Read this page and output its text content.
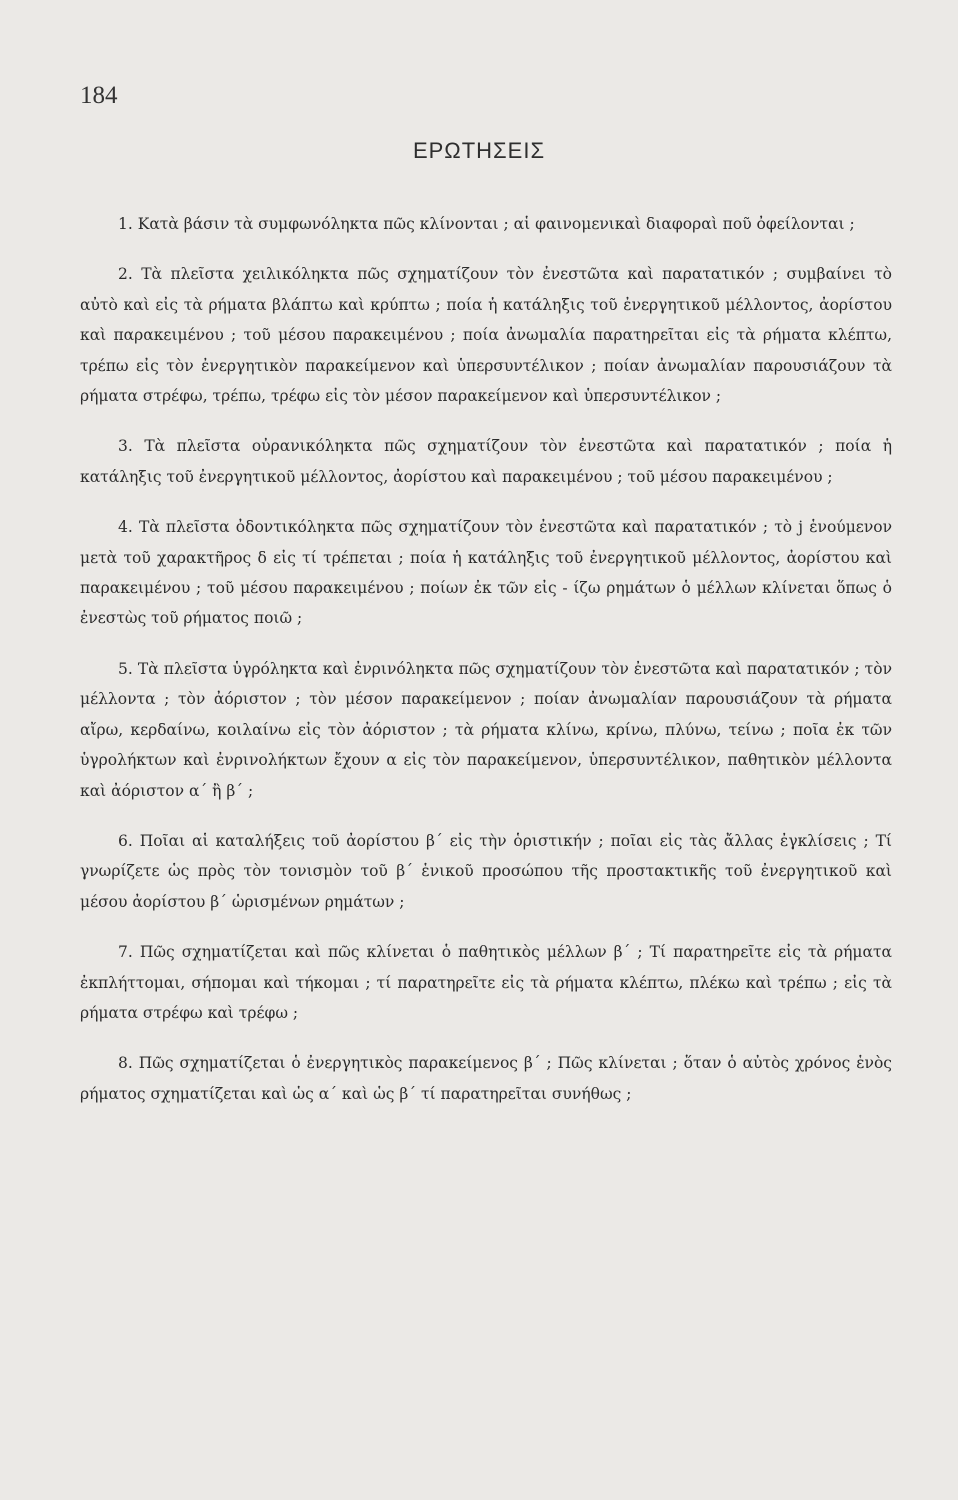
184
ΕΡΩΤΗΣΕΙΣ

1. Κατὰ βάσιν τὰ συμφωνόληκτα πῶς κλίνονται ; αἱ φαινομενικαὶ διαφοραὶ ποῦ ὀφείλονται ;

2. Τὰ πλεῖστα χειλικόληκτα πῶς σχηματίζουν τὸν ἐνεστῶτα καὶ παρατατικόν ; συμβαίνει τὸ αὐτὸ καὶ εἰς τὰ ρήματα βλάπτω καὶ κρύπτω ; ποία ἡ κατάληξις τοῦ ἐνεργητικοῦ μέλλοντος, ἀορίστου καὶ παρακειμένου ; τοῦ μέσου παρακειμένου ; ποία ἀνωμαλία παρατηρεῖται εἰς τὰ ρήματα κλέπτω, τρέπω εἰς τὸν ἐνεργητικὸν παρακείμενον καὶ ὑπερσυντέλικον ; ποίαν ἀνωμαλίαν παρουσιάζουν τὰ ρήματα στρέφω, τρέπω, τρέφω εἰς τὸν μέσον παρακείμενον καὶ ὑπερσυντέλικον ;

3. Τὰ πλεῖστα οὐρανικόληκτα πῶς σχηματίζουν τὸν ἐνεστῶτα καὶ παρατατικόν ; ποία ἡ κατάληξις τοῦ ἐνεργητικοῦ μέλλοντος, ἀορίστου καὶ παρακειμένου ; τοῦ μέσου παρακειμένου ;

4. Τὰ πλεῖστα ὀδοντικόληκτα πῶς σχηματίζουν τὸν ἐνεστῶτα καὶ παρατατικόν ; τὸ j ἑνούμενον μετὰ τοῦ χαρακτῆρος δ εἰς τί τρέπεται ; ποία ἡ κατάληξις τοῦ ἐνεργητικοῦ μέλλοντος, ἀορίστου καὶ παρακειμένου ; τοῦ μέσου παρακειμένου ; ποίων ἐκ τῶν εἰς - ίζω ρημάτων ὁ μέλλων κλίνεται ὅπως ὁ ἐνεστὼς τοῦ ρήματος ποιῶ ;

5. Τὰ πλεῖστα ὑγρόληκτα καὶ ἐνρινόληκτα πῶς σχηματίζουν τὸν ἐνεστῶτα καὶ παρατατικόν ; τὸν μέλλοντα ; τὸν ἀόριστον ; τὸν μέσον παρακείμενον ; ποίαν ἀνωμαλίαν παρουσιάζουν τὰ ρήματα αἴρω, κερδαίνω, κοιλαίνω εἰς τὸν ἀόριστον ; τὰ ρήματα κλίνω, κρίνω, πλύνω, τείνω ; ποῖα ἐκ τῶν ὑγρολήκτων καὶ ἐνρινολήκτων ἔχουν α εἰς τὸν παρακείμενον, ὑπερσυντέλικον, παθητικὸν μέλλοντα καὶ ἀόριστον α΄ ἢ β΄ ;

6. Ποῖαι αἱ καταλήξεις τοῦ ἀορίστου β΄ εἰς τὴν ὁριστικήν ; ποῖαι εἰς τὰς ἄλλας ἐγκλίσεις ; Τί γνωρίζετε ὡς πρὸς τὸν τονισμὸν τοῦ β΄ ἑνικοῦ προσώπου τῆς προστακτικῆς τοῦ ἐνεργητικοῦ καὶ μέσου ἀορίστου β΄ ὡρισμένων ρημάτων ;

7. Πῶς σχηματίζεται καὶ πῶς κλίνεται ὁ παθητικὸς μέλλων β΄ ; Τί παρατηρεῖτε εἰς τὰ ρήματα ἐκπλήττομαι, σήπομαι καὶ τήκομαι ; τί παρατηρεῖτε εἰς τὰ ρήματα κλέπτω, πλέκω καὶ τρέπω ; εἰς τὰ ρήματα στρέφω καὶ τρέφω ;

8. Πῶς σχηματίζεται ὁ ἐνεργητικὸς παρακείμενος β΄ ; Πῶς κλίνεται ; ὅταν ὁ αὐτὸς χρόνος ἑνὸς ρήματος σχηματίζεται καὶ ὡς α΄ καὶ ὡς β΄ τί παρατηρεῖται συνήθως ;
